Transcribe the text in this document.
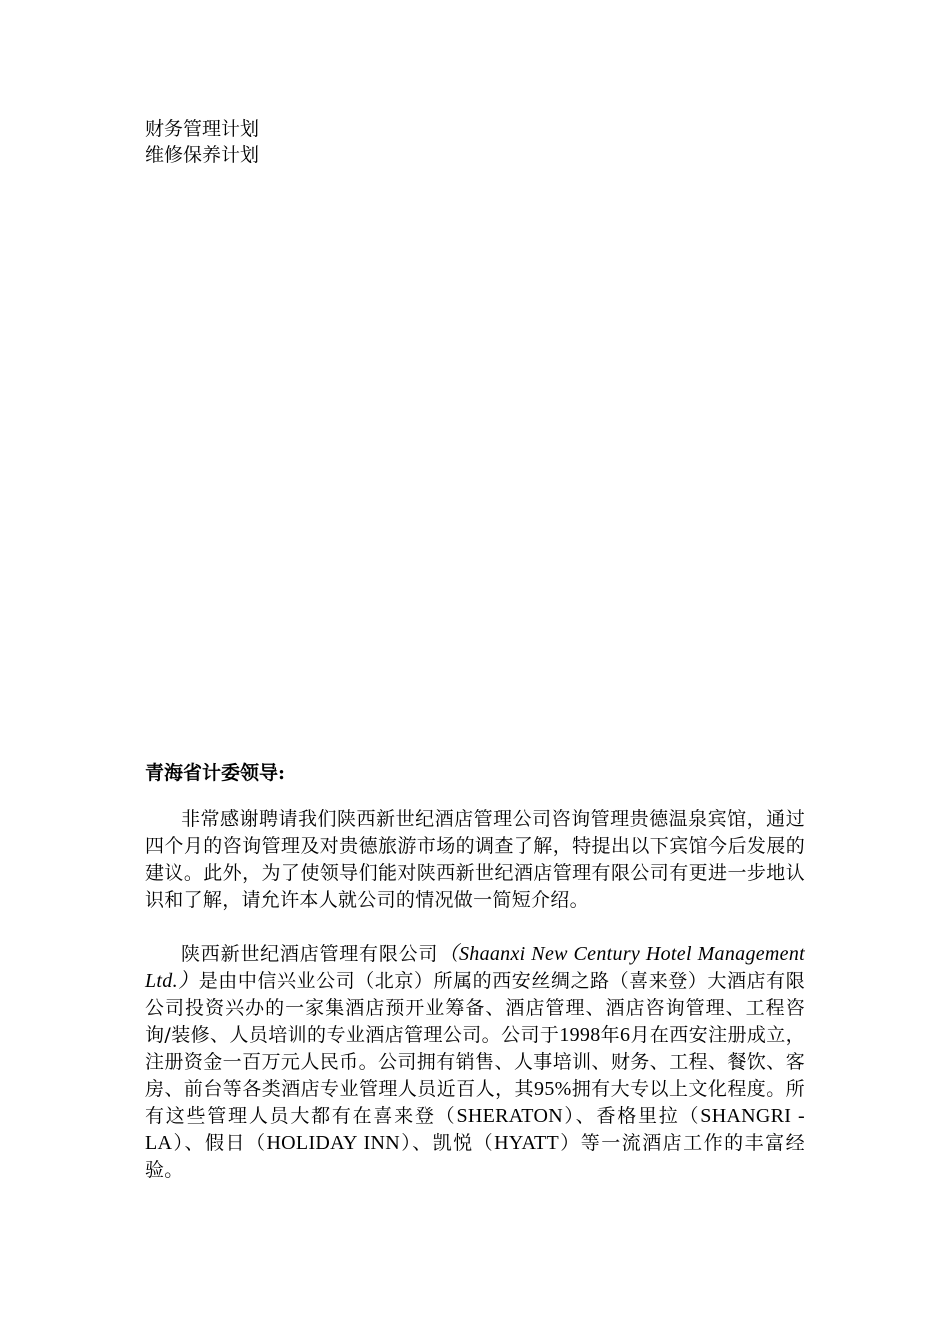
财务管理计划
维修保养计划

青海省计委领导:

非常感谢聘请我们陕西新世纪酒店管理公司咨询管理贵德温泉宾馆，通过四个月的咨询管理及对贵德旅游市场的调查了解，特提出以下宾馆今后发展的建议。此外，为了使领导们能对陕西新世纪酒店管理有限公司有更进一步地认识和了解，请允许本人就公司的情况做一简短介绍。

陕西新世纪酒店管理有限公司（Shaanxi New Century Hotel Management Ltd.）是由中信兴业公司（北京）所属的西安丝绸之路（喜来登）大酒店有限公司投资兴办的一家集酒店预开业筹备、酒店管理、酒店咨询管理、工程咨询/装修、人员培训的专业酒店管理公司。公司于1998年6月在西安注册成立，注册资金一百万元人民币。公司拥有销售、人事培训、财务、工程、餐饮、客房、前台等各类酒店专业管理人员近百人，其95%拥有大专以上文化程度。所有这些管理人员大都有在喜来登（SHERATON）、香格里拉（SHANGRI - LA）、假日（HOLIDAY INN）、凯悦（HYATT）等一流酒店工作的丰富经验。
